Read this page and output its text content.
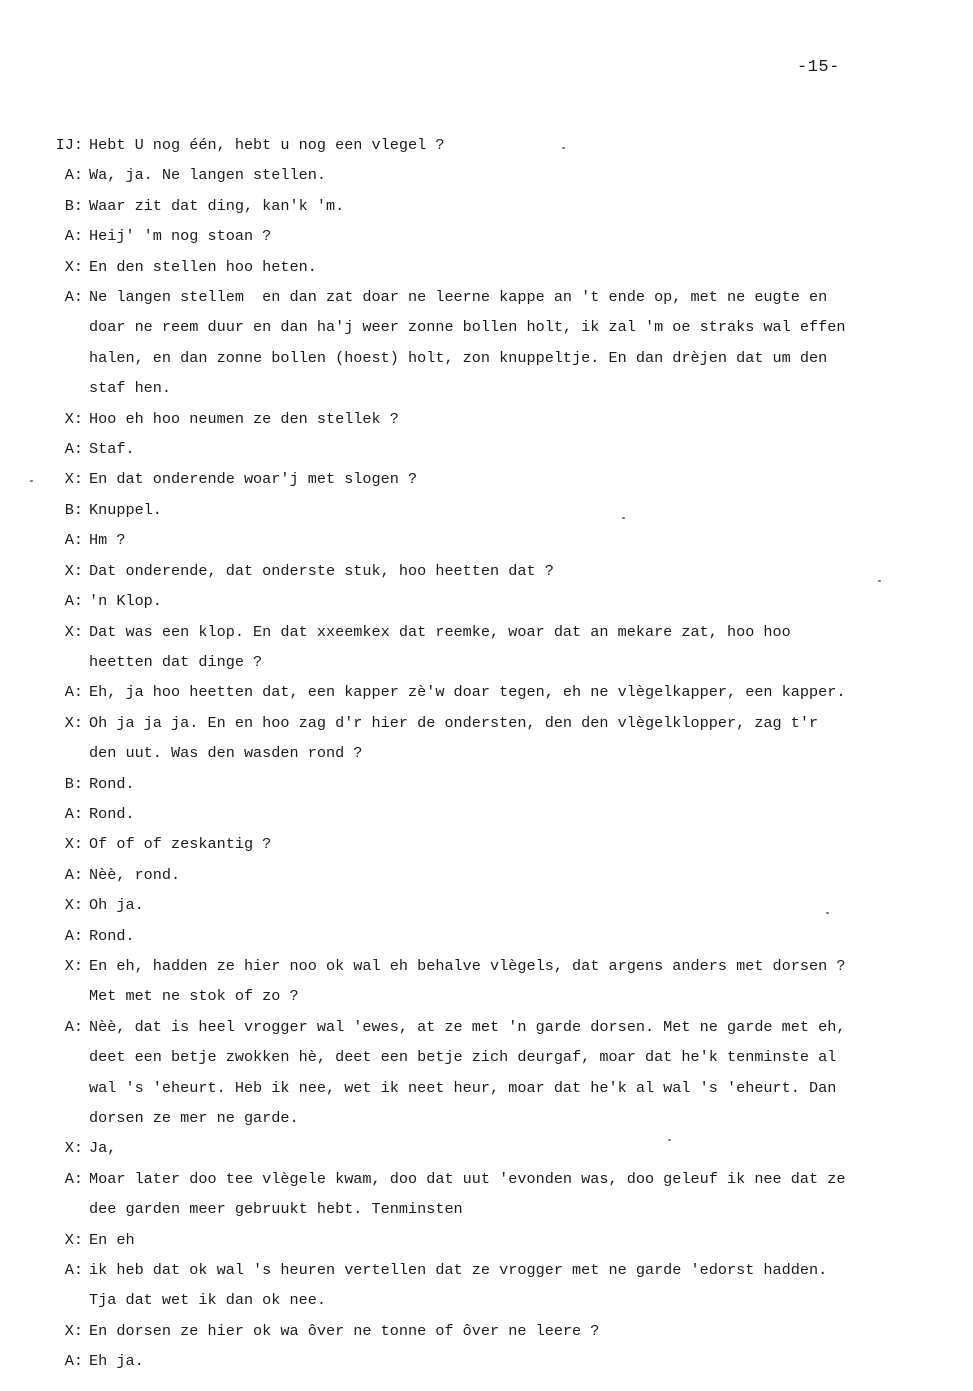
-15-
IJ: Hebt U nog één, hebt u nog een vlegel ?
A: Wa, ja. Ne langen stellen.
B: Waar zit dat ding, kan'k 'm.
A: Heij' 'm nog stoan ?
X: En den stellen hoo heten.
A: Ne langen stellem  en dan zat doar ne leerne kappe an 't ende op, met ne eugte en
doar ne reem duur en dan ha'j weer zonne bollen holt, ik zal 'm oe straks wal effen
halen, en dan zonne bollen (hoest) holt, zon knuppeltje. En dan drèjen dat um den
staf hen.
X: Hoo eh hoo neumen ze den stellek ?
A: Staf.
X: En dat onderende woar'j met slogen ?
B: Knuppel.
A: Hm ?
X: Dat onderende, dat onderste stuk, hoo heetten dat ?
A: 'n Klop.
X: Dat was een klop. En dat xxeemkex dat reemke, woar dat an mekare zat, hoo hoo
heetten dat dinge ?
A: Eh, ja hoo heetten dat, een kapper zè'w doar tegen, eh ne vlègelkapper, een kapper.
X: Oh ja ja ja. En en hoo zag d'r hier de ondersten, den den vlègelklopper, zag t'r
den uut. Was den wasden rond ?
B: Rond.
A: Rond.
X: Of of of zeskantig ?
A: Nèè, rond.
X: Oh ja.
A: Rond.
X: En eh, hadden ze hier noo ok wal eh behalve vlègels, dat argens anders met dorsen ?
Met met ne stok of zo ?
A: Nèè, dat is heel vrogger wal 'ewes, at ze met 'n garde dorsen. Met ne garde met eh,
deet een betje zwokken hè, deet een betje zich deurgaf, moar dat he'k tenminste al
wal 's 'eheurt. Heb ik nee, wet ik neet heur, moar dat he'k al wal 's 'eheurt. Dan
dorsen ze mer ne garde.
X: Ja,
A: Moar later doo tee vlègele kwam, doo dat uut 'evonden was, doo geleuf ik nee dat ze
dee garden meer gebruukt hebt. Tenminsten
X: En eh
A: ik heb dat ok wal 's heuren vertellen dat ze vrogger met ne garde 'edorst hadden.
Tja dat wet ik dan ok nee.
X: En dorsen ze hier ok wa ôver ne tonne of ôver ne leere ?
A: Eh ja.
